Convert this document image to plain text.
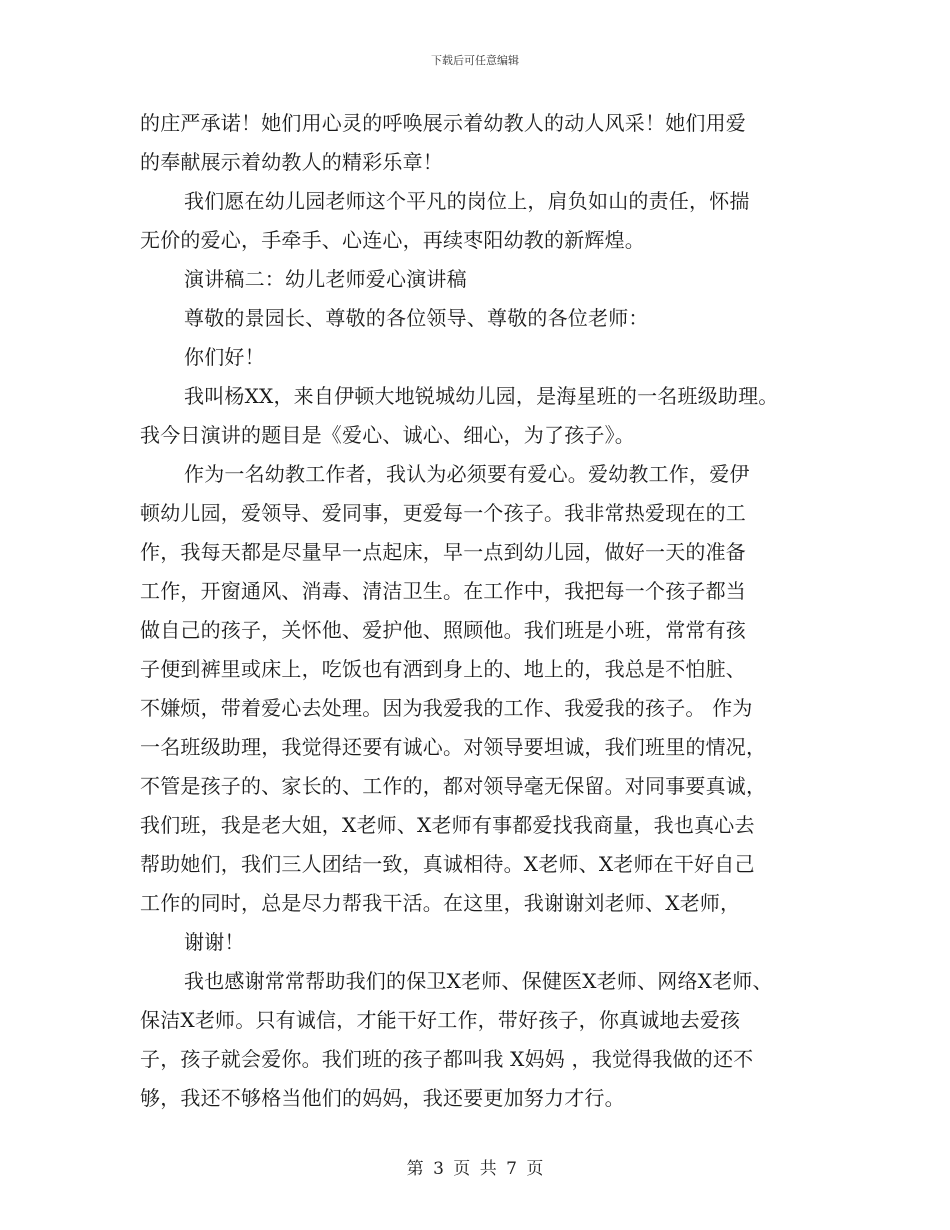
下载后可任意编辑
的庄严承诺！她们用心灵的呼唤展示着幼教人的动人风采！她们用爱
的奉献展示着幼教人的精彩乐章！
我们愿在幼儿园老师这个平凡的岗位上，肩负如山的责任，怀揣
无价的爱心，手牵手、心连心，再续枣阳幼教的新辉煌。
演讲稿二：幼儿老师爱心演讲稿
尊敬的景园长、尊敬的各位领导、尊敬的各位老师：
你们好！
我叫杨XX，来自伊顿大地锐城幼儿园，是海星班的一名班级助理。
我今日演讲的题目是《爱心、诚心、细心，为了孩子》。
作为一名幼教工作者，我认为必须要有爱心。爱幼教工作，爱伊
顿幼儿园，爱领导、爱同事，更爱每一个孩子。我非常热爱现在的工
作，我每天都是尽量早一点起床，早一点到幼儿园，做好一天的准备
工作，开窗通风、消毒、清洁卫生。在工作中，我把每一个孩子都当
做自己的孩子，关怀他、爱护他、照顾他。我们班是小班，常常有孩
子便到裤里或床上，吃饭也有洒到身上的、地上的，我总是不怕脏、
不嫌烦，带着爱心去处理。因为我爱我的工作、我爱我的孩子。 作为
一名班级助理，我觉得还要有诚心。对领导要坦诚，我们班里的情况，
不管是孩子的、家长的、工作的，都对领导毫无保留。对同事要真诚，
我们班，我是老大姐，X老师、X老师有事都爱找我商量，我也真心去
帮助她们，我们三人团结一致，真诚相待。X老师、X老师在干好自己
工作的同时，总是尽力帮我干活。在这里，我谢谢刘老师、X老师，
谢谢！
我也感谢常常帮助我们的保卫X老师、保健医X老师、网络X老师、
保洁X老师。只有诚信，才能干好工作，带好孩子，你真诚地去爱孩
子，孩子就会爱你。我们班的孩子都叫我 X妈妈 ，我觉得我做的还不
够，我还不够格当他们的妈妈，我还要更加努力才行。
第 3 页 共 7 页
